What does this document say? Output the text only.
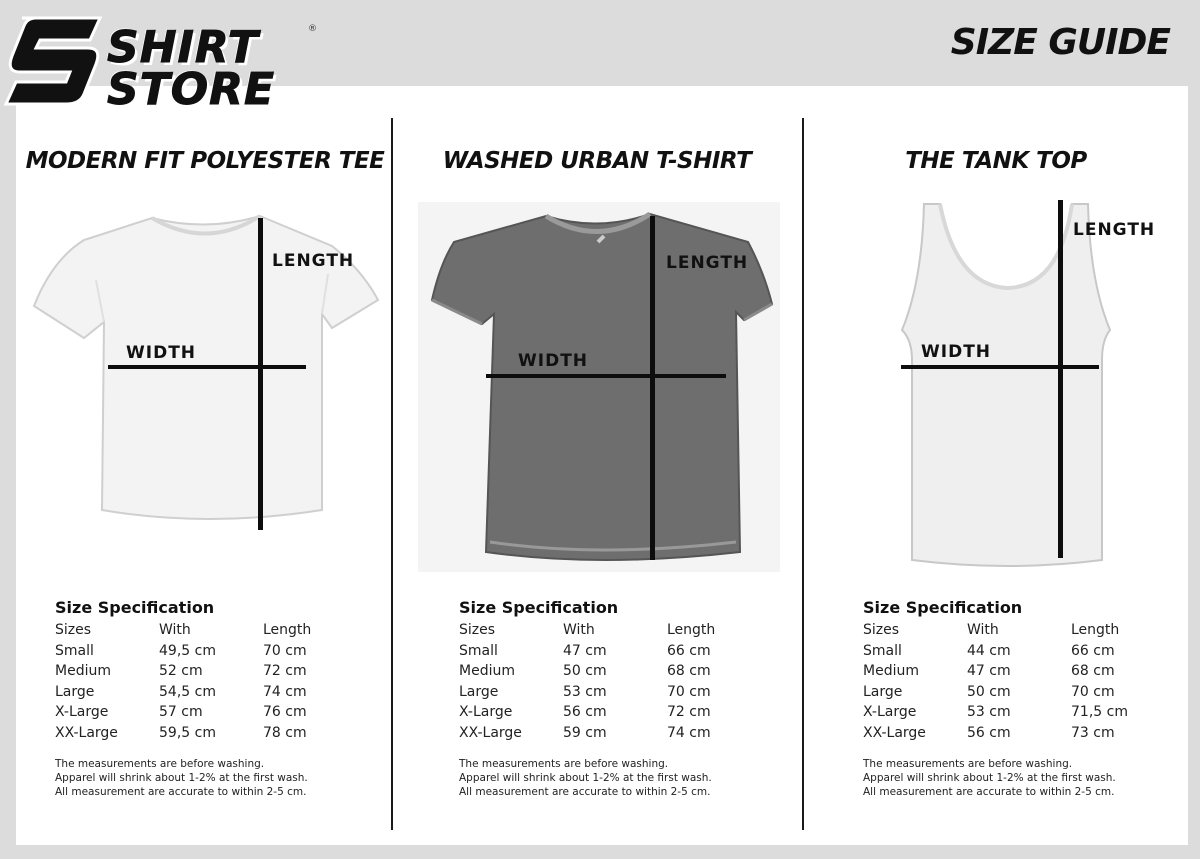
SHIRT
STORE
®	SIZE GUIDE
MODERN FIT POLYESTER TEE
LENGTH
WIDTH
Size Specification
Sizes	With	Length
Small	49,5 cm	70 cm
Medium	52 cm	72 cm
Large	54,5 cm	74 cm
X-Large	57 cm	76 cm
XX-Large	59,5 cm	78 cm
The measurements are before washing.
Apparel will shrink about 1-2% at the first wash.
All measurement are accurate to within 2-5 cm.
WASHED URBAN T-SHIRT
LENGTH
WIDTH
Size Specification
Sizes	With	Length
Small	47 cm	66 cm
Medium	50 cm	68 cm
Large	53 cm	70 cm
X-Large	56 cm	72 cm
XX-Large	59 cm	74 cm
The measurements are before washing.
Apparel will shrink about 1-2% at the first wash.
All measurement are accurate to within 2-5 cm.
THE TANK TOP
LENGTH
WIDTH
Size Specification
Sizes	With	Length
Small	44 cm	66 cm
Medium	47 cm	68 cm
Large	50 cm	70 cm
X-Large	53 cm	71,5 cm
XX-Large	56 cm	73 cm
The measurements are before washing.
Apparel will shrink about 1-2% at the first wash.
All measurement are accurate to within 2-5 cm.
